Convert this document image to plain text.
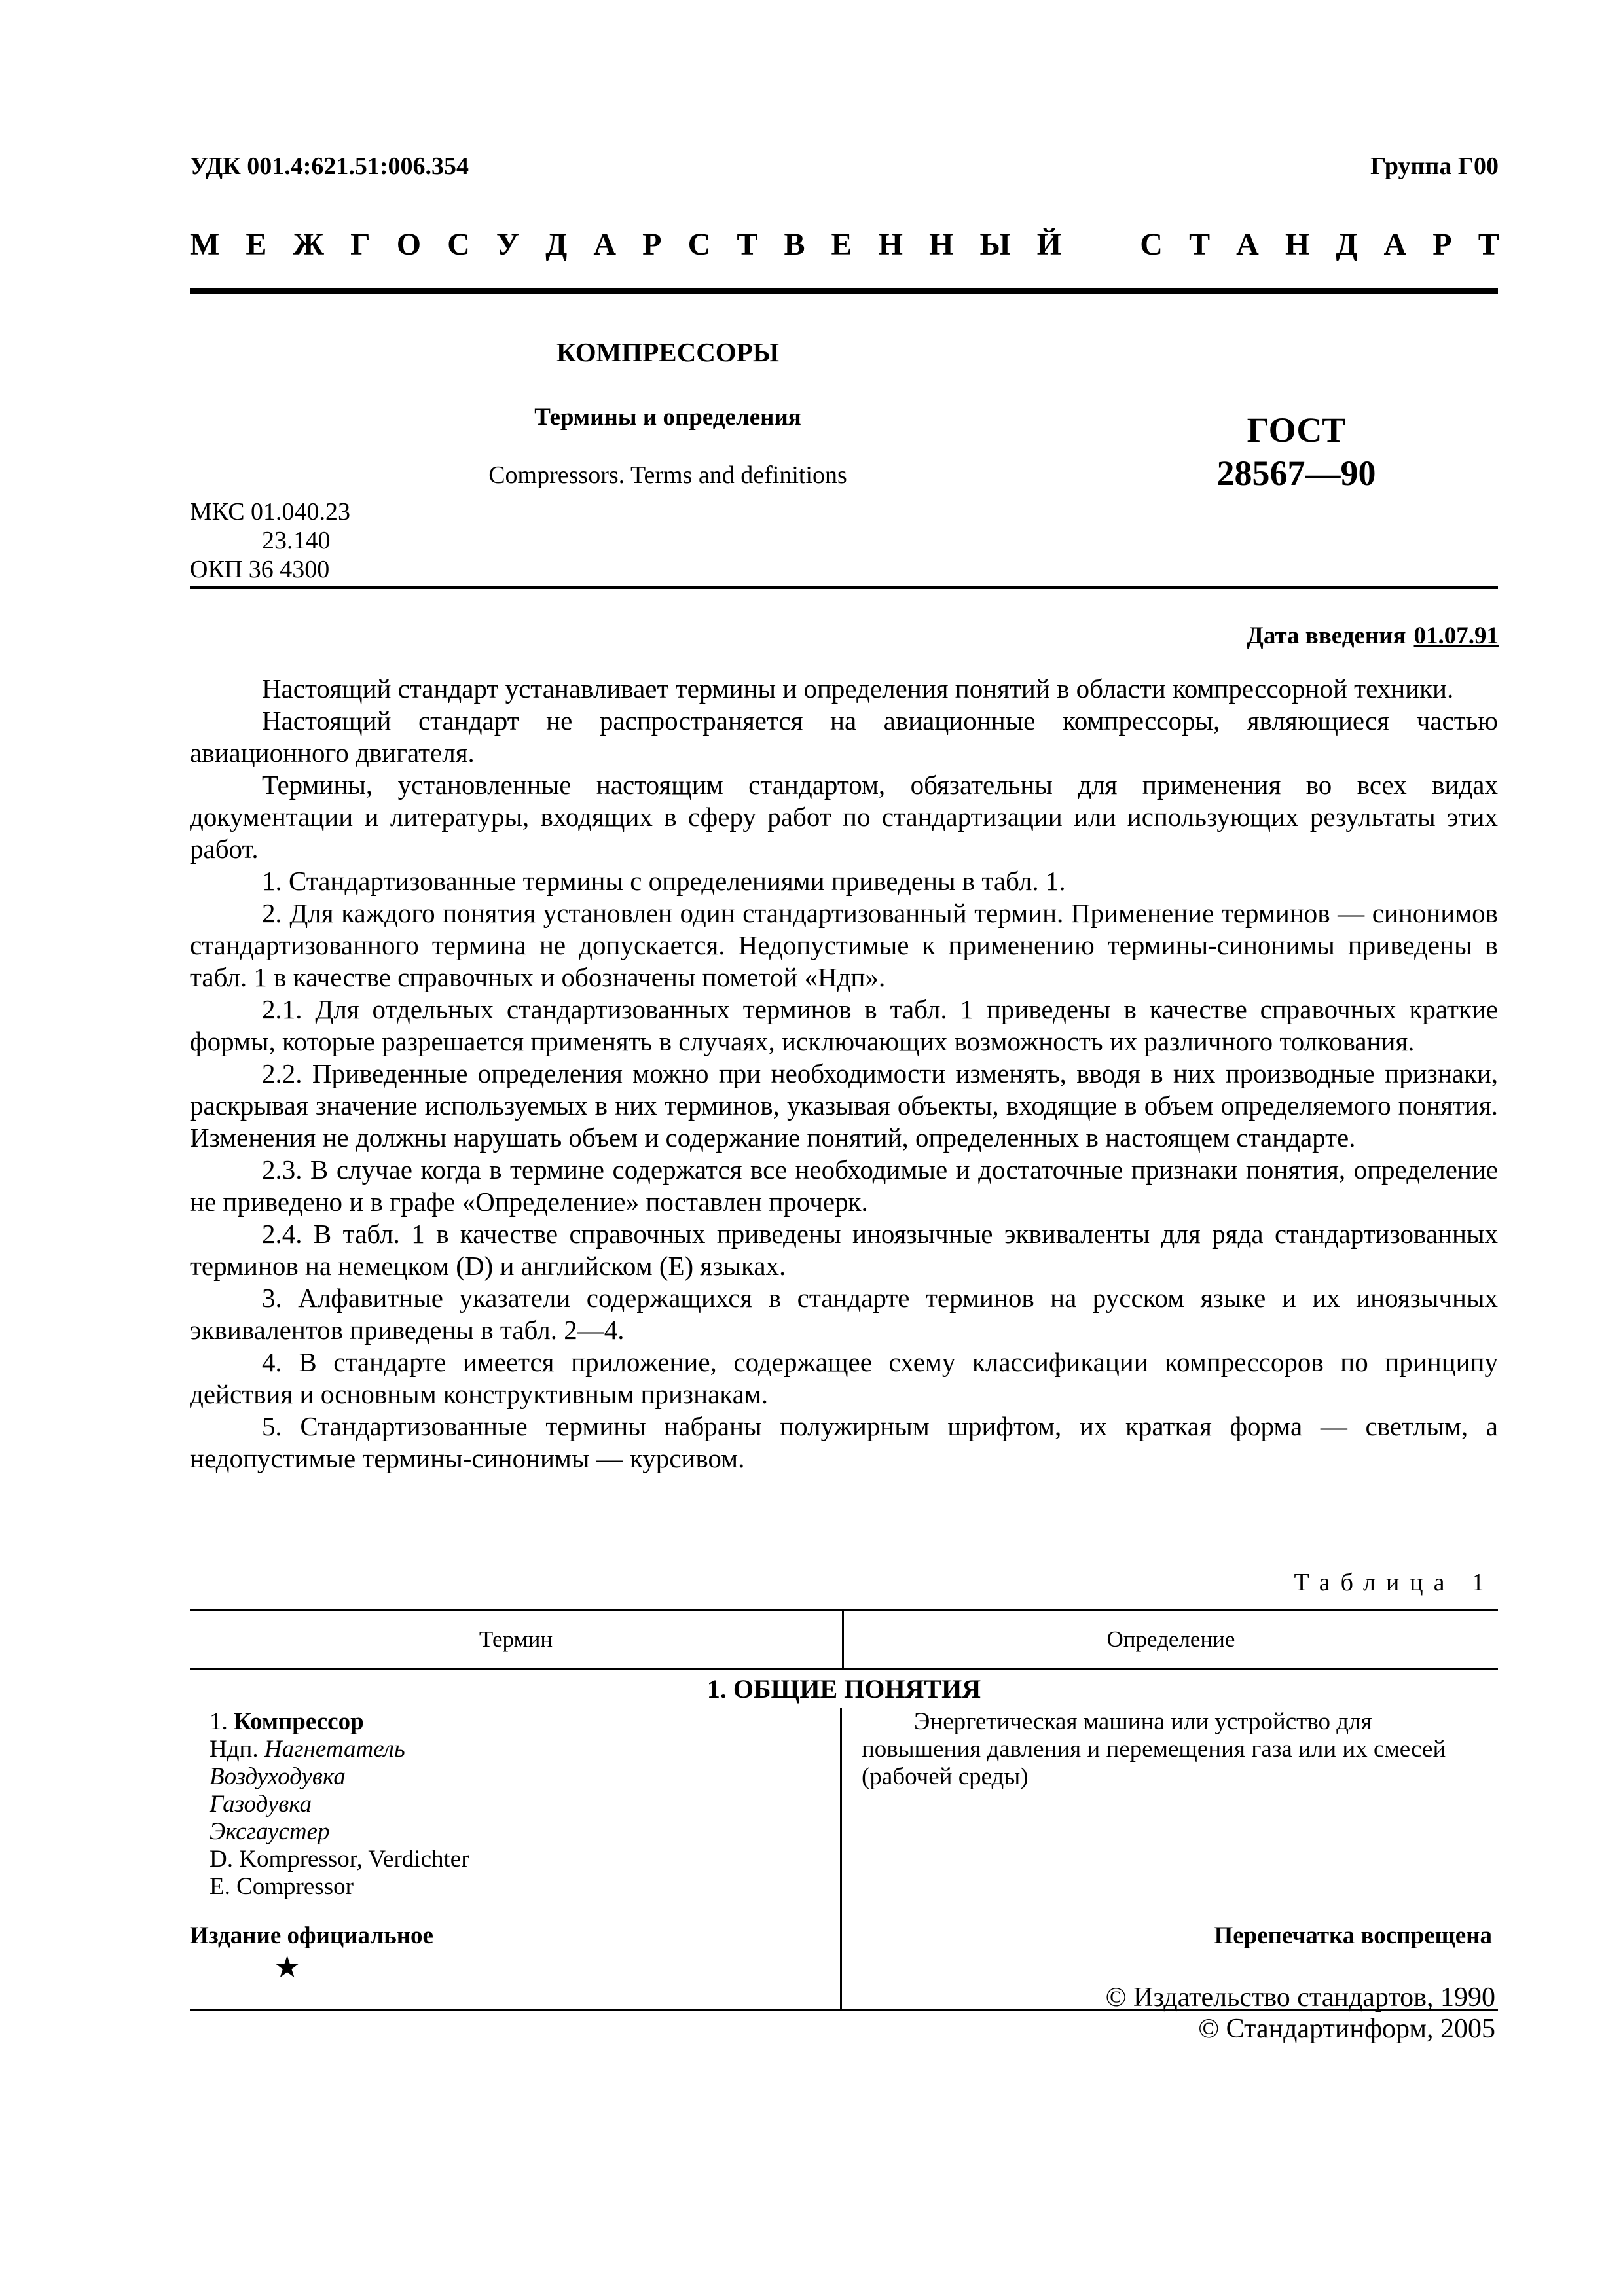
УДК 001.4:621.51:006.354	Группа Г00
М Е Ж Г О С У Д А Р С Т В Е Н Н Ы Й	С Т А Н Д А Р Т
КОМПРЕССОРЫ
Термины и определения
Compressors. Terms and definitions
ГОСТ
28567—90
МКС 01.040.23
23.140
ОКП 36 4300
Дата введения 01.07.91

Настоящий стандарт устанавливает термины и определения понятий в области компрессорной техники.

Настоящий стандарт не распространяется на авиационные компрессоры, являющиеся частью авиационного двигателя.

Термины, установленные настоящим стандартом, обязательны для применения во всех видах документации и литературы, входящих в сферу работ по стандартизации или использующих результаты этих работ.

1. Стандартизованные термины с определениями приведены в табл. 1.

2. Для каждого понятия установлен один стандартизованный термин. Применение терминов — синонимов стандартизованного термина не допускается. Недопустимые к применению термины-синонимы приведены в табл. 1 в качестве справочных и обозначены пометой «Ндп».

2.1. Для отдельных стандартизованных терминов в табл. 1 приведены в качестве справочных краткие формы, которые разрешается применять в случаях, исключающих возможность их различного толкования.

2.2. Приведенные определения можно при необходимости изменять, вводя в них производные признаки, раскрывая значение используемых в них терминов, указывая объекты, входящие в объем определяемого понятия. Изменения не должны нарушать объем и содержание понятий, определенных в настоящем стандарте.

2.3. В случае когда в термине содержатся все необходимые и достаточные признаки понятия, определение не приведено и в графе «Определение» поставлен прочерк.

2.4. В табл. 1 в качестве справочных приведены иноязычные эквиваленты для ряда стандартизованных терминов на немецком (D) и английском (E) языках.

3. Алфавитные указатели содержащихся в стандарте терминов на русском языке и их иноязычных эквивалентов приведены в табл. 2—4.

4. В стандарте имеется приложение, содержащее схему классификации компрессоров по принципу действия и основным конструктивным признакам.

5. Стандартизованные термины набраны полужирным шрифтом, их краткая форма — светлым, а недопустимые термины-синонимы — курсивом.

Таблица 1
Термин	Определение
1. ОБЩИЕ ПОНЯТИЯ
1. Компрессор
Ндп. Нагнетатель
Воздуходувка
Газодувка
Эксгаустер
D. Kompressor, Verdichter
E. Compressor

Энергетическая машина или устройство для повышения давления и перемещения газа или их смесей (рабочей среды)

Издание официальное	Перепечатка воспрещена
★
© Издательство стандартов, 1990
© Стандартинформ, 2005
